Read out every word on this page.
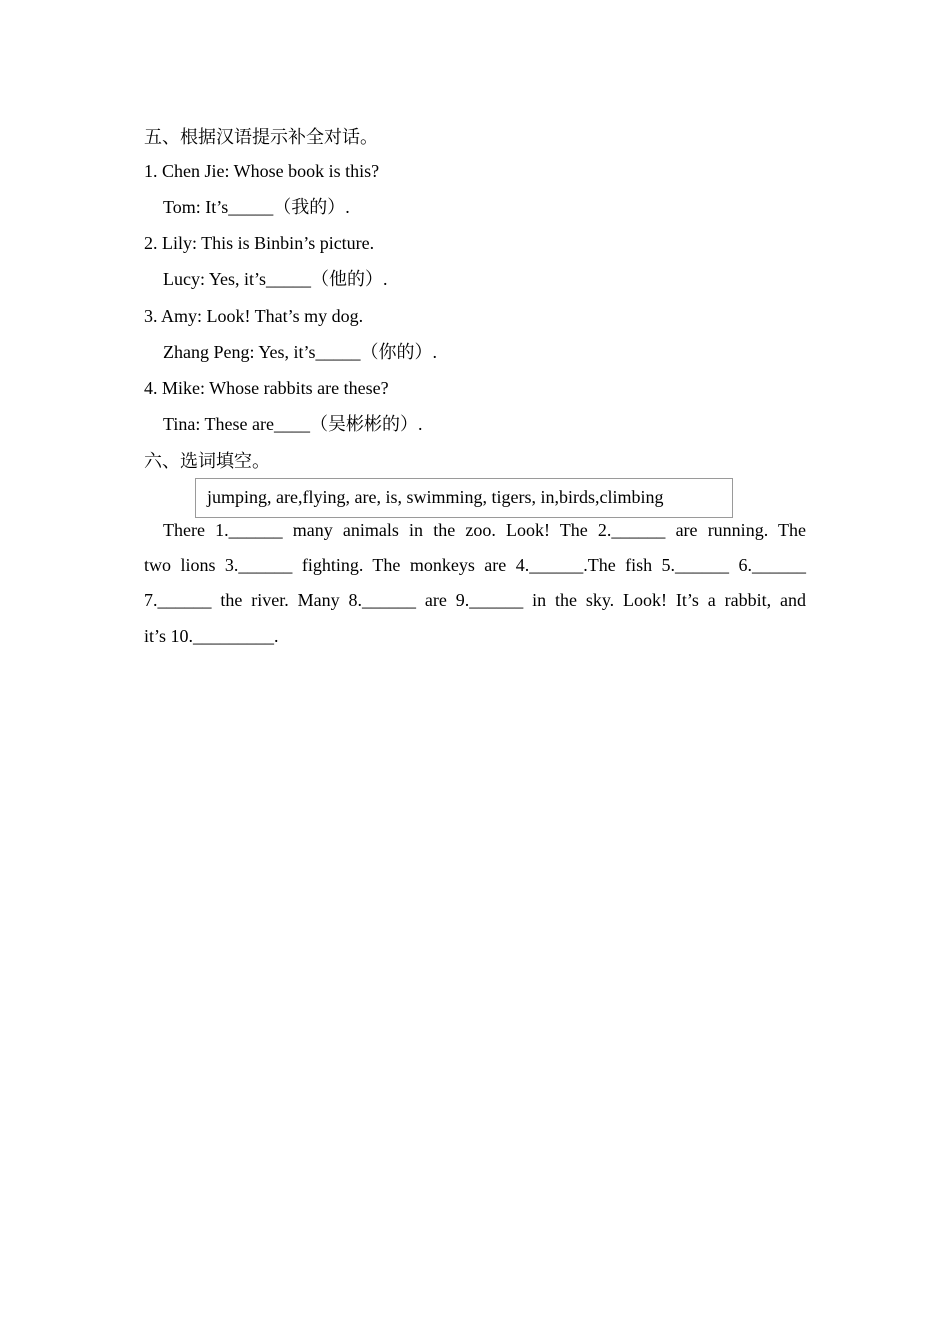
五、根据汉语提示补全对话。
1. Chen Jie: Whose book is this?
Tom: It’s_____（我的）.
2. Lily: This is Binbin’s picture.
Lucy: Yes, it’s_____（他的）.
3. Amy: Look! That’s my dog.
Zhang Peng: Yes, it’s_____（你的）.
4. Mike: Whose rabbits are these?
Tina: These are____（吴彬彬的）.
六、选词填空。
jumping, are,flying, are, is, swimming, tigers, in,birds,climbing
There 1.______ many animals in the zoo. Look! The 2.______ are running. The
two lions 3.______ fighting. The monkeys are 4.______.The fish 5.______ 6.______
7.______ the river. Many 8.______ are 9.______ in the sky. Look! It’s a rabbit, and
it’s 10._________.
